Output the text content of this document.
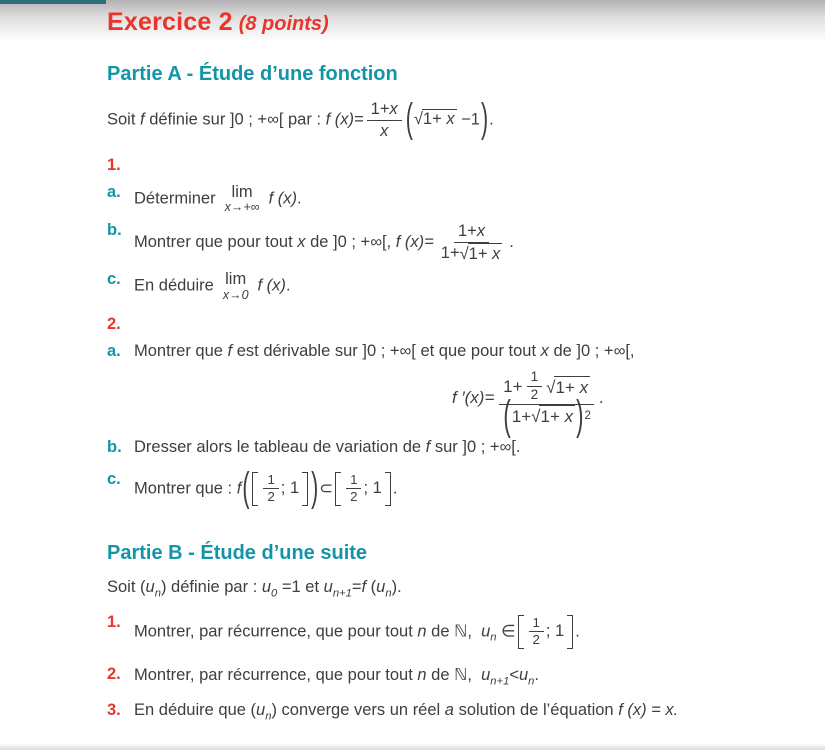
Exercice 2 (8 points)
Partie A - Étude d’une fonction
Soit f définie sur ]0 ; +∞[ par : f $(x)= \frac{1+ x}{x}$ ( √ 1+ x −1).
1.
a. Déterminer lim
x→+∞ f (x).
b.
Montrer que pour tout x de ]0 ; +∞[, f $(x)= \frac{1+ x}{1+ √ 1+ x}$ .
c. En déduire lim
x→0 f (x).
2.
a. Montrer que f est dérivable sur ]0 ; +∞[ et que pour tout x de ]0 ; +∞[,
f $'(x)= \frac{1+ \frac{1}{2} √ 1+ x}{( 1+ √ 1+ x ) 2}$ .
b. Dresser alors le tableau de variation de f sur ]0 ; +∞[.
c.
Montrer que : $f( \frac{1}{2}$ ; 1 )⊂ $\frac{1}{2}$ ; 1 .
Partie B - Étude d’une suite
Soit $(u_n)$ définie par : $u_0 =1$ et $u_{n+1}=f$ $(u_n)$.
1.
Montrer, par récurrence, que pour tout n de ℕ, $u_n$ ∈ $\frac{1}{2}$ ; 1 .
2. Montrer, par récurrence, que pour tout n de ℕ, $u_{n+1}<u_n$.
3. En déduire que $(u_n)$ converge vers un réel a solution de l’équation f (x) = x.
